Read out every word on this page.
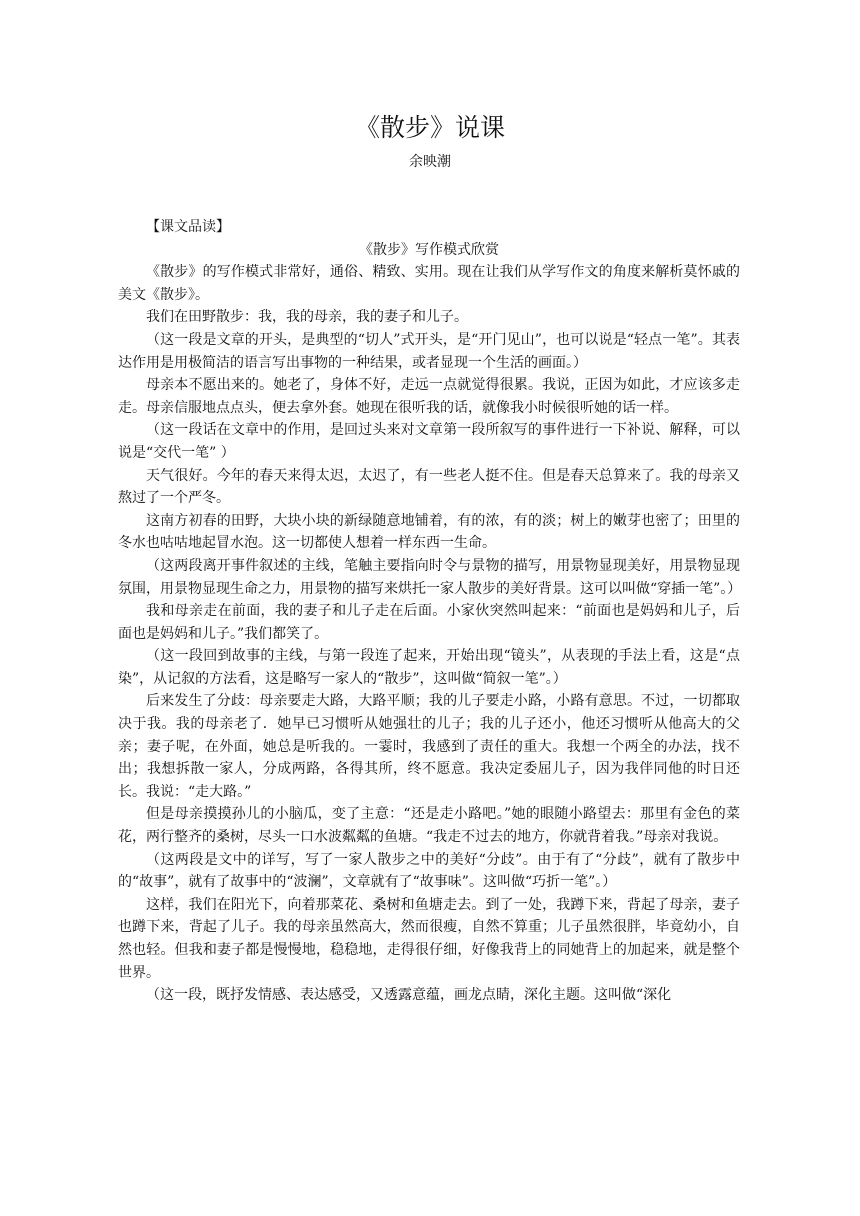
《散步》说课
余映潮

【课文品读】

《散步》写作模式欣赏

《散步》的写作模式非常好，通俗、精致、实用。现在让我们从学写作文的角度来解析莫怀戚的美文《散步》。

我们在田野散步：我，我的母亲，我的妻子和儿子。

（这一段是文章的开头，是典型的“切人”式开头，是“开门见山”，也可以说是“轻点一笔”。其表达作用是用极简洁的语言写出事物的一种结果，或者显现一个生活的画面。）

母亲本不愿出来的。她老了，身体不好，走远一点就觉得很累。我说，正因为如此，才应该多走走。母亲信服地点点头，便去拿外套。她现在很听我的话，就像我小时候很听她的话一样。

（这一段话在文章中的作用，是回过头来对文章第一段所叙写的事件进行一下补说、解释，可以说是“交代一笔” ）

天气很好。今年的春天来得太迟，太迟了，有一些老人挺不住。但是春天总算来了。我的母亲又熬过了一个严冬。

这南方初春的田野，大块小块的新绿随意地铺着，有的浓，有的淡；树上的嫩芽也密了；田里的冬水也咕咕地起冒水泡。这一切都使人想着一样东西一生命。

（这两段离开事件叙述的主线，笔触主要指向时令与景物的描写，用景物显现美好，用景物显现氛围，用景物显现生命之力，用景物的描写来烘托一家人散步的美好背景。这可以叫做“穿插一笔”。）

我和母亲走在前面，我的妻子和儿子走在后面。小家伙突然叫起来：“前面也是妈妈和儿子，后面也是妈妈和儿子。”我们都笑了。

（这一段回到故事的主线，与第一段连了起来，开始出现“镜头”，从表现的手法上看，这是“点染”，从记叙的方法看，这是略写一家人的“散步”，这叫做“简叙一笔”。）

后来发生了分歧：母亲要走大路，大路平顺；我的儿子要走小路，小路有意思。不过，一切都取决于我。我的母亲老了．她早已习惯听从她强壮的儿子；我的儿子还小，他还习惯听从他高大的父亲；妻子呢，在外面，她总是听我的。一霎时，我感到了责任的重大。我想一个两全的办法，找不出；我想拆散一家人，分成两路，各得其所，终不愿意。我决定委屈儿子，因为我伴同他的时日还长。我说：“走大路。”

但是母亲摸摸孙儿的小脑瓜，变了主意：“还是走小路吧。”她的眼随小路望去：那里有金色的菜花，两行整齐的桑树，尽头一口水波粼粼的鱼塘。“我走不过去的地方，你就背着我。”母亲对我说。

（这两段是文中的详写，写了一家人散步之中的美好“分歧”。由于有了“分歧”，就有了散步中的“故事”，就有了故事中的“波澜”，文章就有了“故事味”。这叫做“巧折一笔”。）

这样，我们在阳光下，向着那菜花、桑树和鱼塘走去。到了一处，我蹲下来，背起了母亲，妻子也蹲下来，背起了儿子。我的母亲虽然高大，然而很瘦，自然不算重；儿子虽然很胖，毕竟幼小，自然也轻。但我和妻子都是慢慢地，稳稳地，走得很仔细，好像我背上的同她背上的加起来，就是整个世界。

（这一段，既抒发情感、表达感受，又透露意蕴，画龙点睛，深化主题。这叫做“深化
